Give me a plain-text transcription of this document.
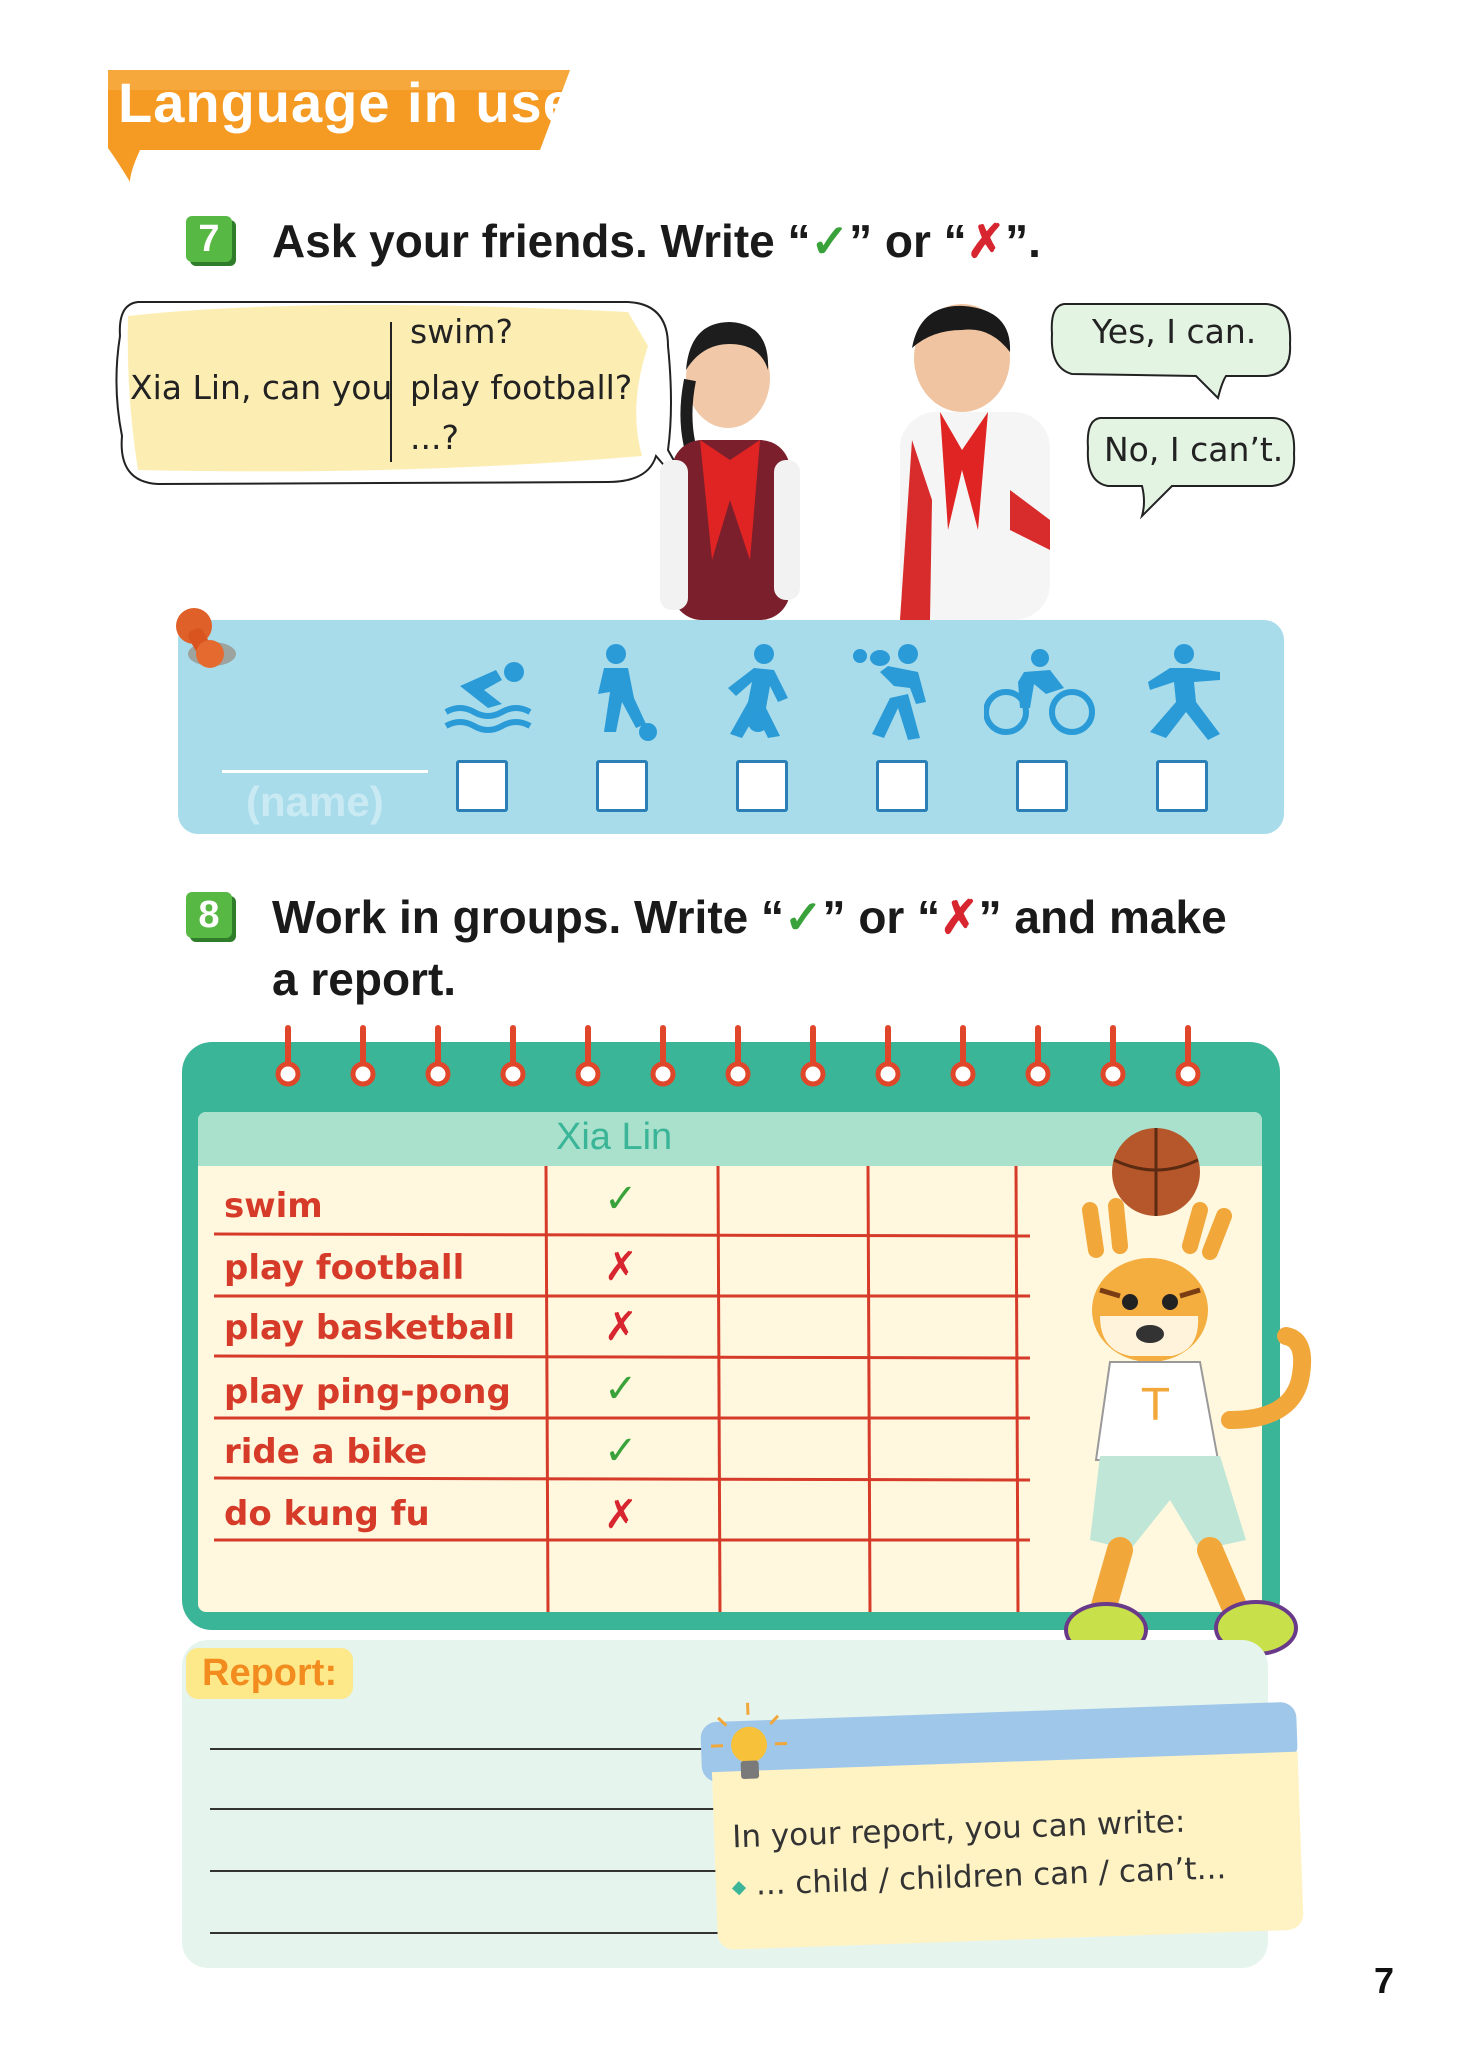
Language in use
7 Ask your friends. Write “✓” or “✗”.
Xia Lin, can you
swim?
play football?
...?
Yes, I can.
No, I can’t.
(name)
8 Work in groups. Write “✓” or “✗” and make
a report.
Xia Lin
swim
play football
play basketball
play ping-pong
ride a bike
do kung fu
✓
✗
✗
✓
✓
✗
T
Report:
In your report, you can write:
... child / children can / can’t...
7
